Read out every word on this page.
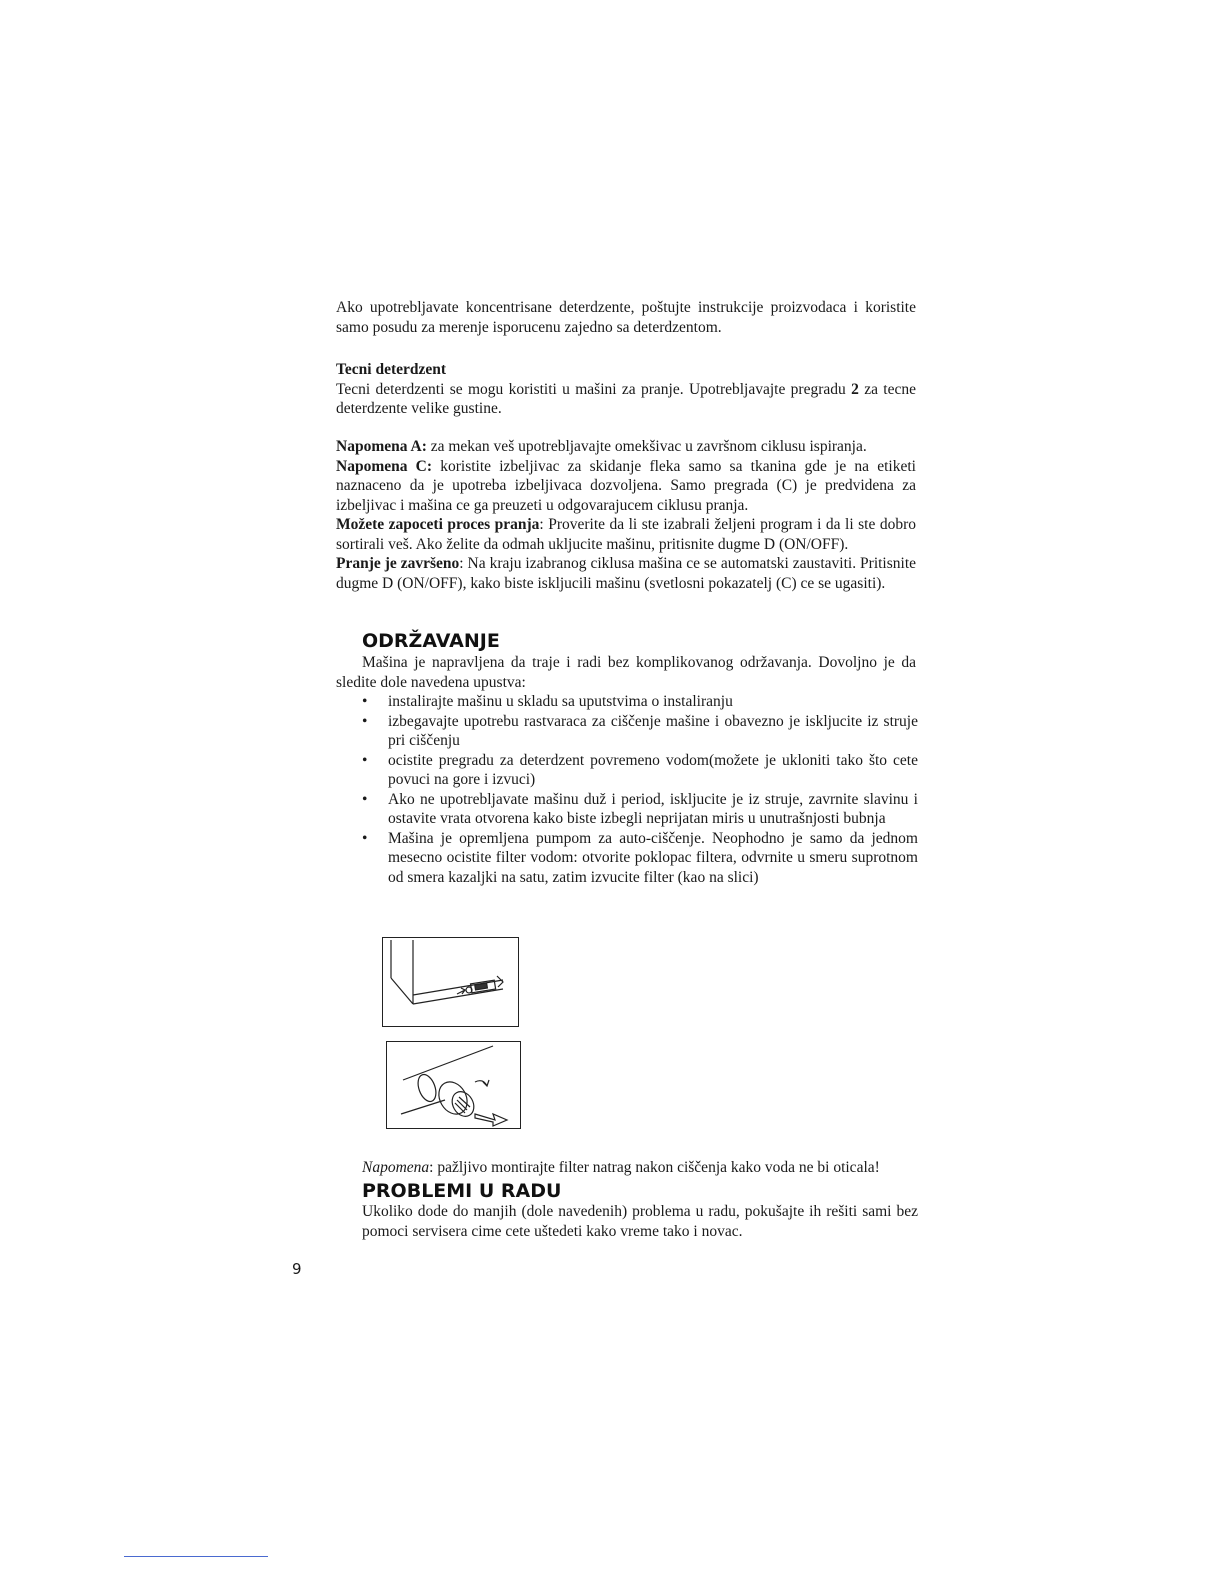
Ako upotrebljavate koncentrisane deterdzente, poštujte instrukcije proizvodaca i koristite samo posudu za merenje isporucenu zajedno sa deterdzentom.

Tecni deterdzent

Tecni deterdzenti se mogu koristiti u mašini za pranje. Upotrebljavajte pregradu 2 za tecne deterdzente velike gustine.

Napomena A: za mekan veš upotrebljavajte omekšivac u završnom ciklusu ispiranja.

Napomena C: koristite izbeljivac za skidanje fleka samo sa tkanina gde je na etiketi naznaceno da je upotreba izbeljivaca dozvoljena. Samo pregrada (C) je predvidena za izbeljivac i mašina ce ga preuzeti u odgovarajucem ciklusu pranja.

Možete zapoceti proces pranja: Proverite da li ste izabrali željeni program i da li ste dobro sortirali veš. Ako želite da odmah ukljucite mašinu, pritisnite dugme D (ON/OFF).

Pranje je završeno: Na kraju izabranog ciklusa mašina ce se automatski zaustaviti. Pritisnite dugme D (ON/OFF), kako biste iskljucili mašinu (svetlosni pokazatelj (C) ce se ugasiti).

ODRŽAVANJE
Mašina je napravljena da traje i radi bez komplikovanog održavanja. Dovoljno je da sledite dole navedena upustva:
• instalirajte mašinu u skladu sa uputstvima o instaliranju
• izbegavajte upotrebu rastvaraca za ciščenje mašine i obavezno je iskljucite iz struje pri ciščenju
• ocistite pregradu za deterdzent povremeno vodom(možete je ukloniti tako što cete povuci na gore i izvuci)
• Ako ne upotrebljavate mašinu duž i period, iskljucite je iz struje, zavrnite slavinu i ostavite vrata otvorena kako biste izbegli neprijatan miris u unutrašnjosti bubnja
• Mašina je opremljena pumpom za auto-ciščenje. Neophodno je samo da jednom mesecno ocistite filter vodom: otvorite poklopac filtera, odvrnite u smeru suprotnom od smera kazaljki na satu, zatim izvucite filter (kao na slici)
Napomena: pažljivo montirajte filter natrag nakon ciščenja kako voda ne bi oticala!
PROBLEMI U RADU
Ukoliko dode do manjih (dole navedenih) problema u radu, pokušajte ih rešiti sami bez pomoci servisera cime cete uštedeti kako vreme tako i novac.
9
